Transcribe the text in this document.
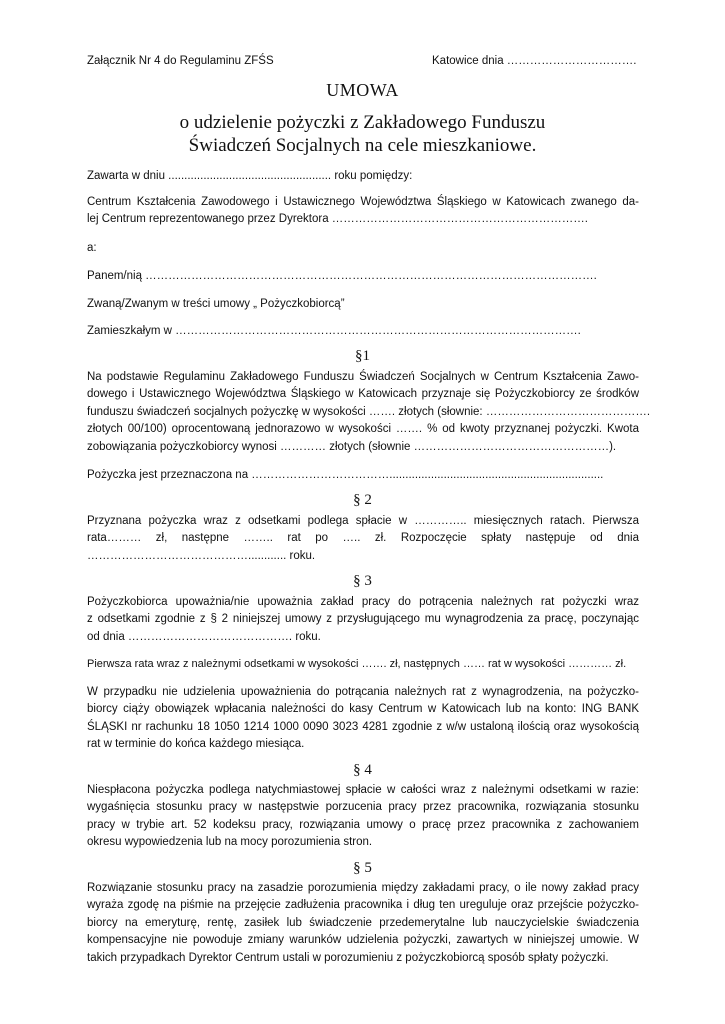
Załącznik Nr 4 do Regulaminu ZFŚS	Katowice dnia …………………………….
UMOWA
o udzielenie pożyczki z Zakładowego Funduszu
Świadczeń Socjalnych na cele mieszkaniowe.
Zawarta w dniu ................................................... roku pomiędzy:
Centrum Kształcenia Zawodowego i Ustawicznego Województwa Śląskiego w Katowicach zwanego da-
lej Centrum reprezentowanego przez Dyrektora ………………………………………………………….
a:
Panem/nią ……………………………………………………………………………………………………….
Zwaną/Zwanym w treści umowy „ Pożyczkobiorcą”
Zamieszkałym w …………………………………………………………………………………………….
§1
Na podstawie Regulaminu Zakładowego Funduszu Świadczeń Socjalnych w Centrum Kształcenia Zawo-
dowego i Ustawicznego Województwa Śląskiego w Katowicach przyznaje się Pożyczkobiorcy ze środków
funduszu świadczeń socjalnych pożyczkę w wysokości ……. złotych (słownie: …………………………………….
złotych 00/100) oprocentowaną jednorazowo w wysokości ……. % od kwoty przyznanej pożyczki. Kwota
zobowiązania pożyczkobiorcy wynosi ………… złotych (słownie ……………………………………………).
Pożyczka jest przeznaczona na ………………………………...................................................................
§ 2
Przyznana pożyczka wraz z odsetkami podlega spłacie w ………….. miesięcznych ratach. Pierwsza
rata……… zł, następne …….. rat po ….. zł. Rozpoczęcie spłaty następuje od dnia
……………………………………............ roku.
§ 3
Pożyczkobiorca upoważnia/nie upoważnia zakład pracy do potrącenia należnych rat pożyczki wraz
z odsetkami zgodnie z § 2 niniejszej umowy z przysługującego mu wynagrodzenia za pracę, poczynając
od dnia ……………………………………. roku.
Pierwsza rata wraz z należnymi odsetkami w wysokości ……. zł, następnych …… rat w wysokości ………… zł.
W przypadku nie udzielenia upoważnienia do potrącania należnych rat z wynagrodzenia, na pożyczko-
biorcy ciąży obowiązek wpłacania należności do kasy Centrum w Katowicach lub na konto: ING BANK
ŚLĄSKI nr rachunku 18 1050 1214 1000 0090 3023 4281 zgodnie z w/w ustaloną ilością oraz wysokością
rat w terminie do końca każdego miesiąca.
§ 4
Niespłacona pożyczka podlega natychmiastowej spłacie w całości wraz z należnymi odsetkami w razie:
wygaśnięcia stosunku pracy w następstwie porzucenia pracy przez pracownika, rozwiązania stosunku
pracy w trybie art. 52 kodeksu pracy, rozwiązania umowy o pracę przez pracownika z zachowaniem
okresu wypowiedzenia lub na mocy porozumienia stron.
§ 5
Rozwiązanie stosunku pracy na zasadzie porozumienia między zakładami pracy, o ile nowy zakład pracy
wyraża zgodę na piśmie na przejęcie zadłużenia pracownika i dług ten ureguluje oraz przejście pożyczko-
biorcy na emeryturę, rentę, zasiłek lub świadczenie przedemerytalne lub nauczycielskie świadczenia
kompensacyjne nie powoduje zmiany warunków udzielenia pożyczki, zawartych w niniejszej umowie. W
takich przypadkach Dyrektor Centrum ustali w porozumieniu z pożyczkobiorcą sposób spłaty pożyczki.
